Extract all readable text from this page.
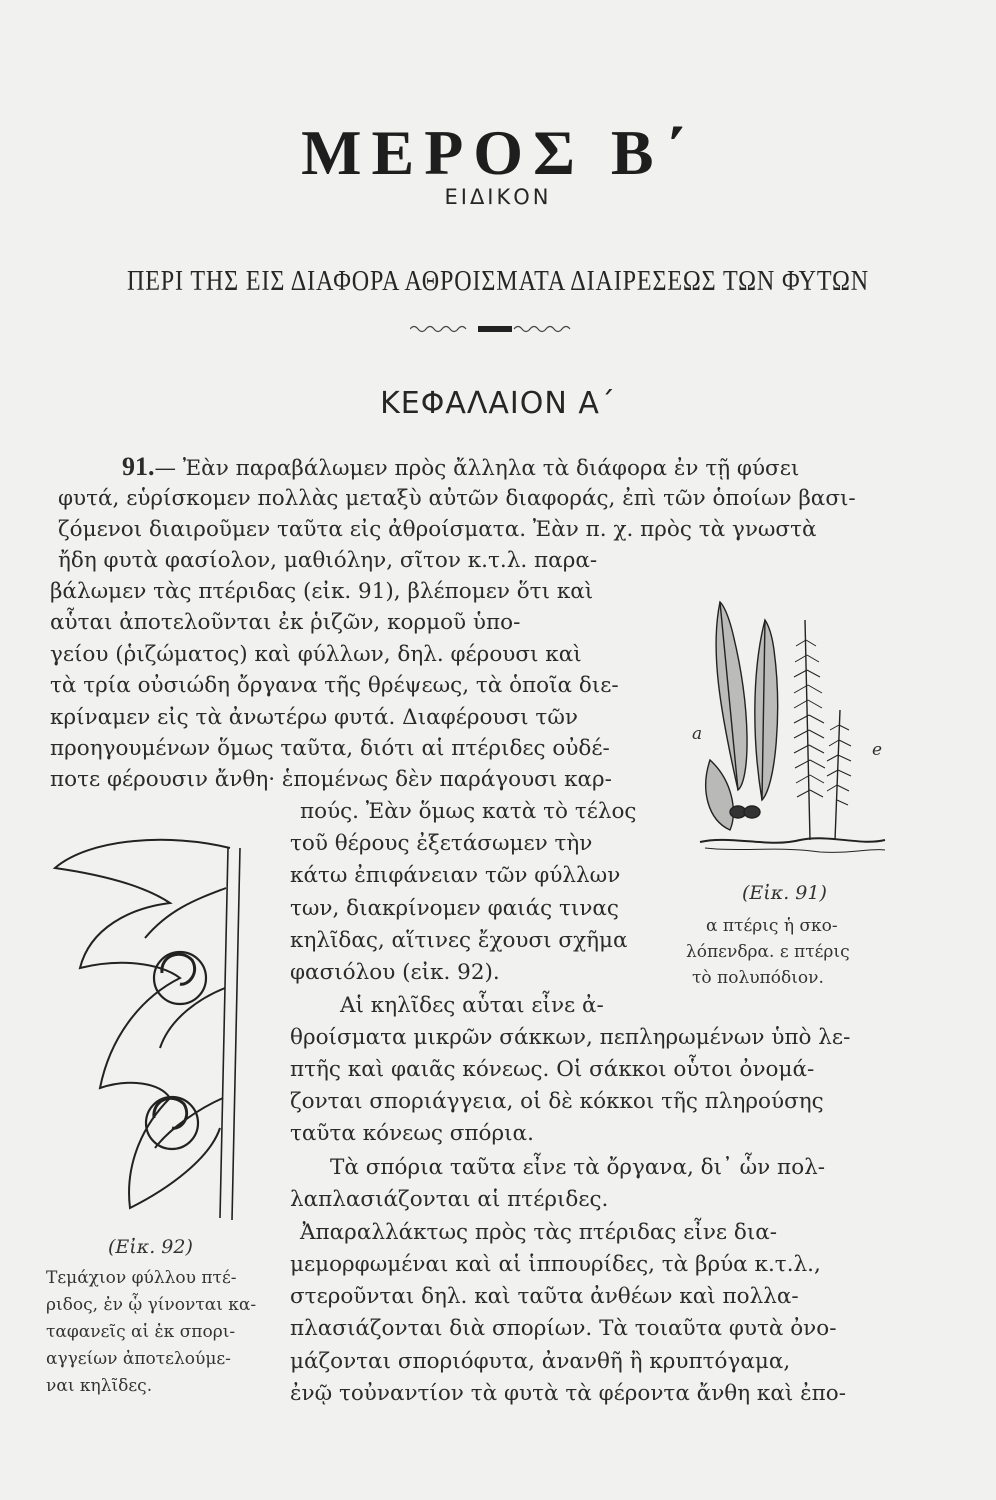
ΜΕΡΟΣ Β΄
ΕΙΔΙΚΟΝ
ΠΕΡΙ ΤΗΣ ΕΙΣ ΔΙΑΦΟΡΑ ΑΘΡΟΙΣΜΑΤΑ ΔΙΑΙΡΕΣΕΩΣ ΤΩΝ ΦΥΤΩΝ
ΚΕΦΑΛΑΙΟΝ Α΄
91.— Ἐὰν παραβάλωμεν πρὸς ἄλληλα τὰ διάφορα ἐν τῇ φύσει
φυτά, εὑρίσκομεν πολλὰς μεταξὺ αὐτῶν διαφοράς, ἐπὶ τῶν ὁποίων βασι-
ζόμενοι διαιροῦμεν ταῦτα εἰς ἀθροίσματα. Ἐὰν π. χ. πρὸς τὰ γνωστὰ
ἤδη φυτὰ φασίολον, μαθιόλην, σῖτον κ.τ.λ. παρα-
βάλωμεν τὰς πτέριδας (εἰκ. 91), βλέπομεν ὅτι καὶ
αὗται ἀποτελοῦνται ἐκ ῥιζῶν, κορμοῦ ὑπο-
γείου (ῥιζώματος) καὶ φύλλων, δηλ. φέρουσι καὶ
τὰ τρία οὐσιώδη ὄργανα τῆς θρέψεως, τὰ ὁποῖα διε-
κρίναμεν εἰς τὰ ἀνωτέρω φυτά. Διαφέρουσι τῶν
προηγουμένων ὅμως ταῦτα, διότι αἱ πτέριδες οὐδέ-
ποτε φέρουσιν ἄνθη· ἑπομένως δὲν παράγουσι καρ-
πούς. Ἐὰν ὅμως κατὰ τὸ τέλος
τοῦ θέρους ἐξετάσωμεν τὴν
κάτω ἐπιφάνειαν τῶν φύλλων
των, διακρίνομεν φαιάς τινας
κηλῖδας, αἵτινες ἔχουσι σχῆμα
φασιόλου (εἰκ. 92).
Αἱ κηλῖδες αὗται εἶνε ἀ-
θροίσματα μικρῶν σάκκων, πεπληρωμένων ὑπὸ λε-
πτῆς καὶ φαιᾶς κόνεως. Οἱ σάκκοι οὗτοι ὀνομά-
ζονται σποριάγγεια, οἱ δὲ κόκκοι τῆς πληρούσης
ταῦτα κόνεως σπόρια.
Τὰ σπόρια ταῦτα εἶνε τὰ ὄργανα, δι᾽ ὧν πολ-
λαπλασιάζονται αἱ πτέριδες.
Ἀπαραλλάκτως πρὸς τὰς πτέριδας εἶνε δια-
μεμορφωμέναι καὶ αἱ ἱππουρίδες, τὰ βρύα κ.τ.λ.,
στεροῦνται δηλ. καὶ ταῦτα ἀνθέων καὶ πολλα-
πλασιάζονται διὰ σπορίων. Τὰ τοιαῦτα φυτὰ ὀνο-
μάζονται σποριόφυτα, ἀνανθῆ ἢ κρυπτόγαμα,
ἐνῷ τοὐναντίον τὰ φυτὰ τὰ φέροντα ἄνθη καὶ ἐπο-
a
e
(Εἰκ. 91)
α πτέρις ἡ σκο-
λόπενδρα. ε πτέρις
τὸ πολυπόδιον.
(Εἰκ. 92)
Τεμάχιον φύλλου πτέ-
ριδος, ἐν ᾧ γίνονται κα-
ταφανεῖς αἱ ἐκ σπορι-
αγγείων ἀποτελούμε-
ναι κηλῖδες.
